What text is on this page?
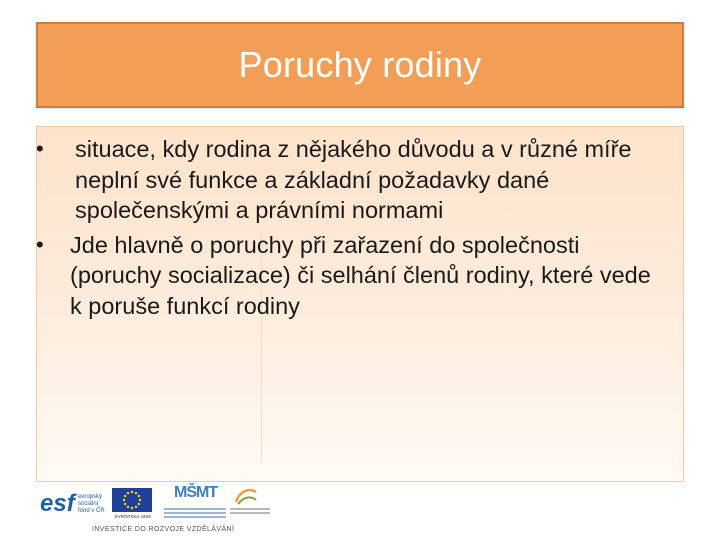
Poruchy rodiny
•	situace, kdy rodina z nějakého důvodu a v různé míře neplní své funkce a základní požadavky dané společenskými a právními normami
•	Jde hlavně o poruchy při zařazení do společnosti (poruchy socializace) či selhání členů rodiny, které vede k poruše funkcí rodiny
esf evropský sociální fond v ČR
EVROPSKÁ UNIE
MŠMT
INVESTICE DO ROZVOJE VZDĚLÁVÁNÍ
